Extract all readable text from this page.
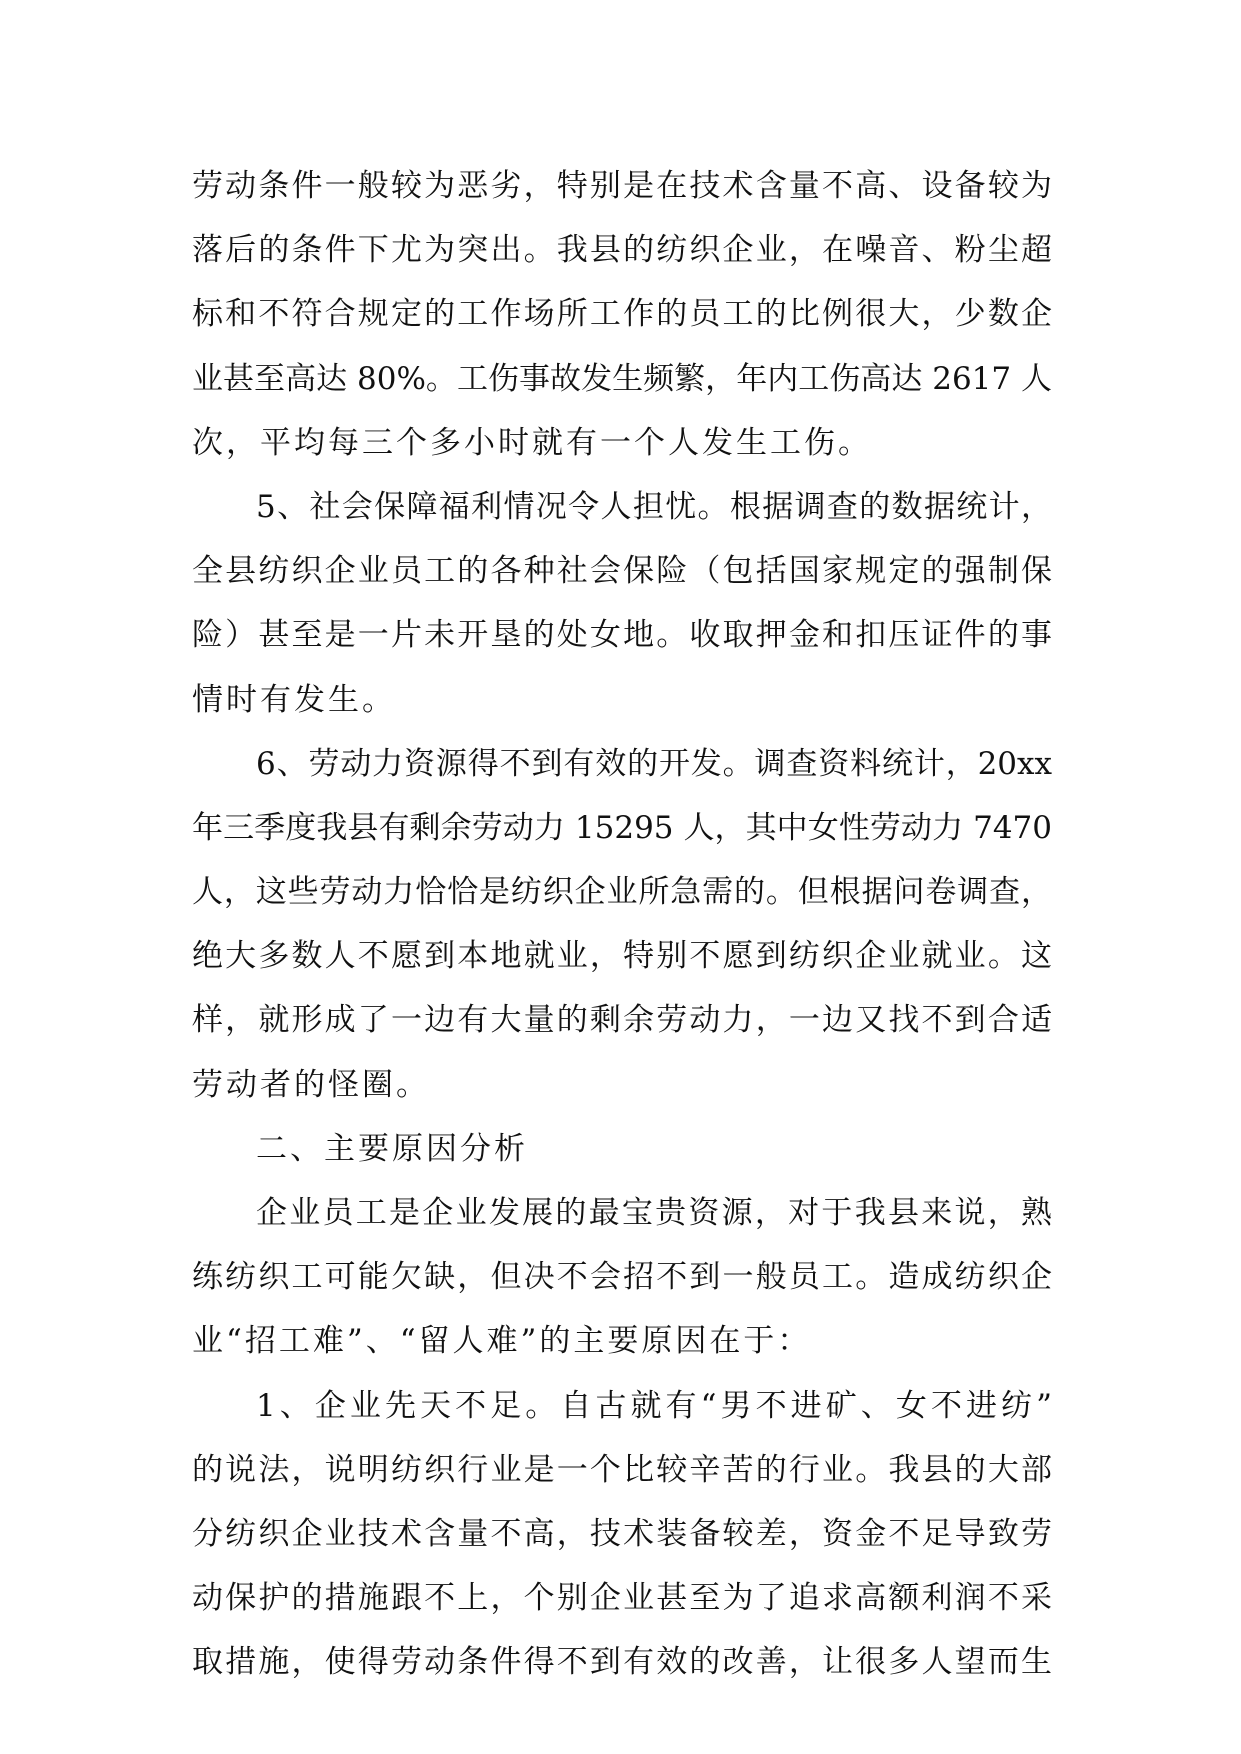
劳动条件一般较为恶劣，特别是在技术含量不高、设备较为
落后的条件下尤为突出。我县的纺织企业，在噪音、粉尘超
标和不符合规定的工作场所工作的员工的比例很大，少数企
业甚至高达 80%。工伤事故发生频繁，年内工伤高达 2617 人
次，平均每三个多小时就有一个人发生工伤。
5、社会保障福利情况令人担忧。根据调查的数据统计，
全县纺织企业员工的各种社会保险（包括国家规定的强制保
险）甚至是一片未开垦的处女地。收取押金和扣压证件的事
情时有发生。
6、劳动力资源得不到有效的开发。调查资料统计，20xx
年三季度我县有剩余劳动力 15295 人，其中女性劳动力 7470
人，这些劳动力恰恰是纺织企业所急需的。但根据问卷调查，
绝大多数人不愿到本地就业，特别不愿到纺织企业就业。这
样，就形成了一边有大量的剩余劳动力，一边又找不到合适
劳动者的怪圈。
二、主要原因分析
企业员工是企业发展的最宝贵资源，对于我县来说，熟
练纺织工可能欠缺，但决不会招不到一般员工。造成纺织企
业“招工难”、“留人难”的主要原因在于：
1、企业先天不足。自古就有“男不进矿、女不进纺”
的说法，说明纺织行业是一个比较辛苦的行业。我县的大部
分纺织企业技术含量不高，技术装备较差，资金不足导致劳
动保护的措施跟不上，个别企业甚至为了追求高额利润不采
取措施，使得劳动条件得不到有效的改善，让很多人望而生
